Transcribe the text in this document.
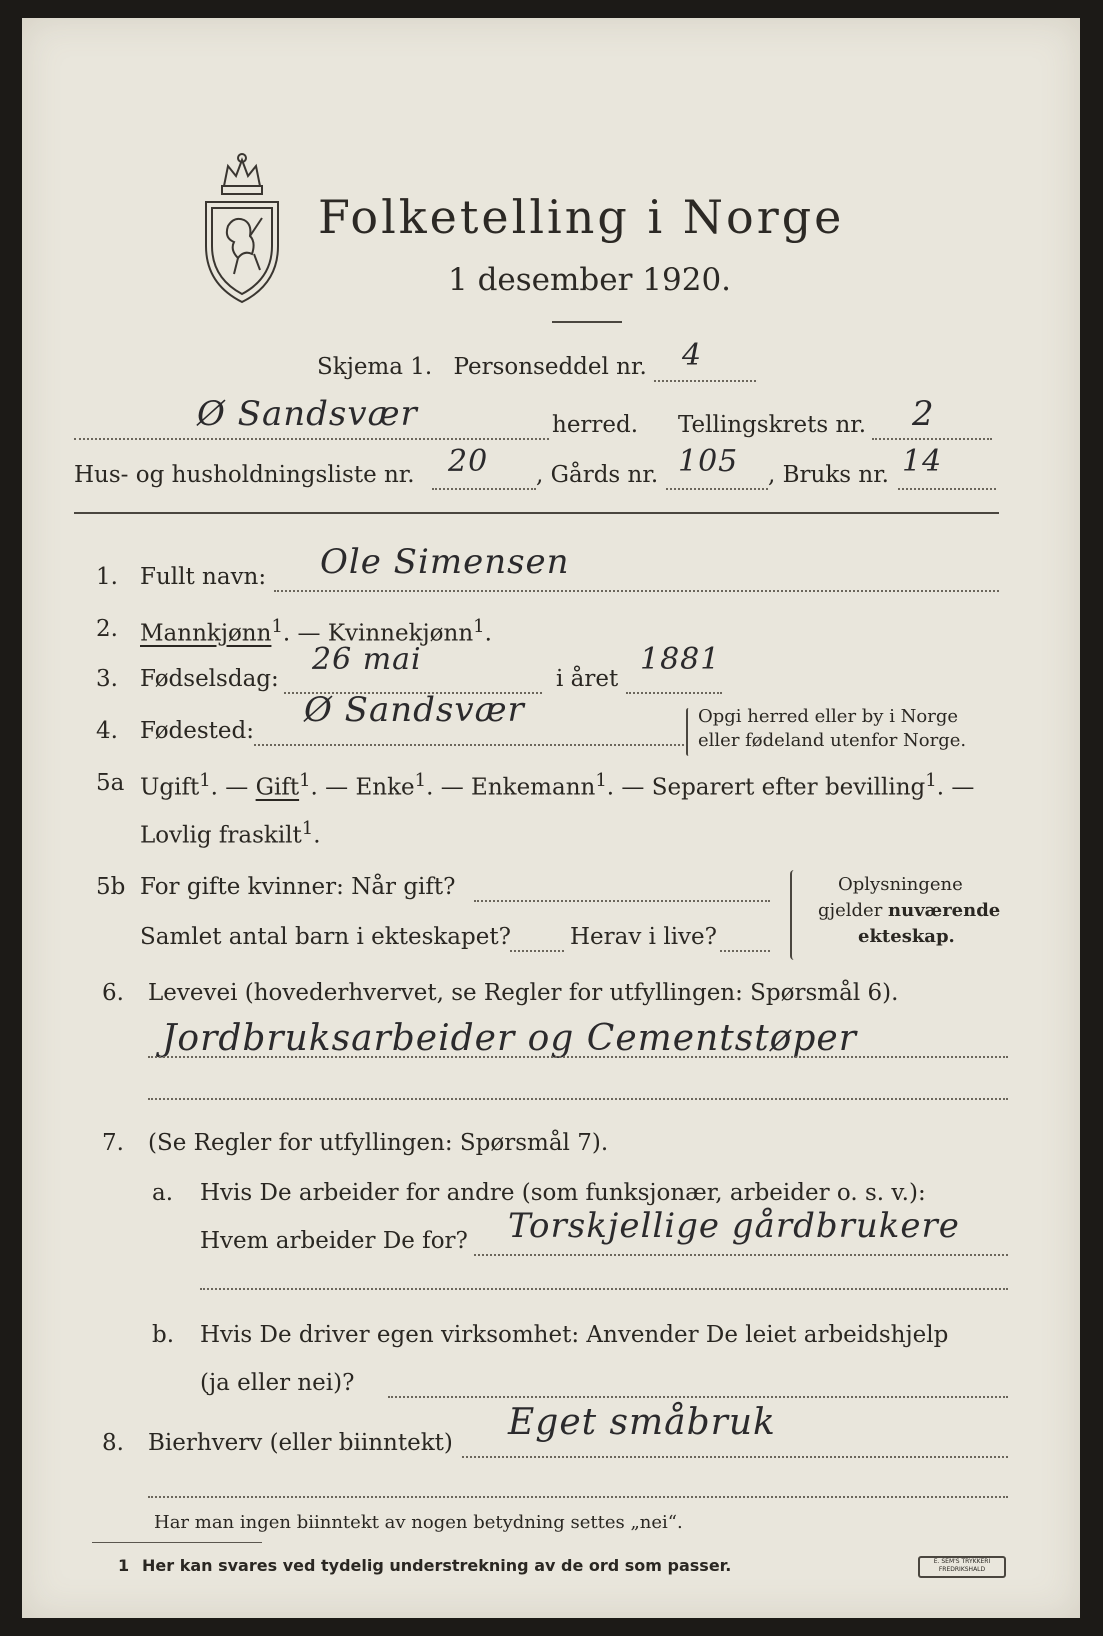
Folketelling i Norge
1 desember 1920.
Skjema 1. Personseddel nr. 4
Ø Sandsvær	herred. Tellingskrets nr. 2
Hus- og husholdningsliste nr. 20 , Gårds nr. 105 , Bruks nr. 14
1. Fullt navn: Ole Simensen
2. Mannkjønn$^1$. — Kvinnekjønn$^1$.
3. Fødselsdag:
26 mai
i året
1881
4. Fødested:
Ø Sandsvær	Opgi herred eller by i Norge
eller fødeland utenfor Norge.
5a Ugift$^1$. — Gift$^1$. — Enke$^1$. — Enkemann$^1$. — Separert efter bevilling$^1$. —
Lovlig fraskilt$^1$.
5b For gifte kvinner: Når gift?
Samlet antal barn i ekteskapet?	Herav i live?
Oplysningene
gjelder nuværende
ekteskap.
6. Levevei (hovederhvervet, se Regler for utfyllingen: Spørsmål 6).
Jordbruksarbeider og Cementstøper
7. (Se Regler for utfyllingen: Spørsmål 7).
a. Hvis De arbeider for andre (som funksjonær, arbeider o. s. v.):
Hvem arbeider De for? Torskjellige gårdbrukere
b. Hvis De driver egen virksomhet: Anvender De leiet arbeidshjelp
(ja eller nei)?
8. Bierhverv (eller biinntekt) Eget småbruk
Har man ingen biinntekt av nogen betydning settes „nei“.
1 Her kan svares ved tydelig understrekning av de ord som passer.	E. SEM'S TRYKKERI
FREDRIKSHALD
